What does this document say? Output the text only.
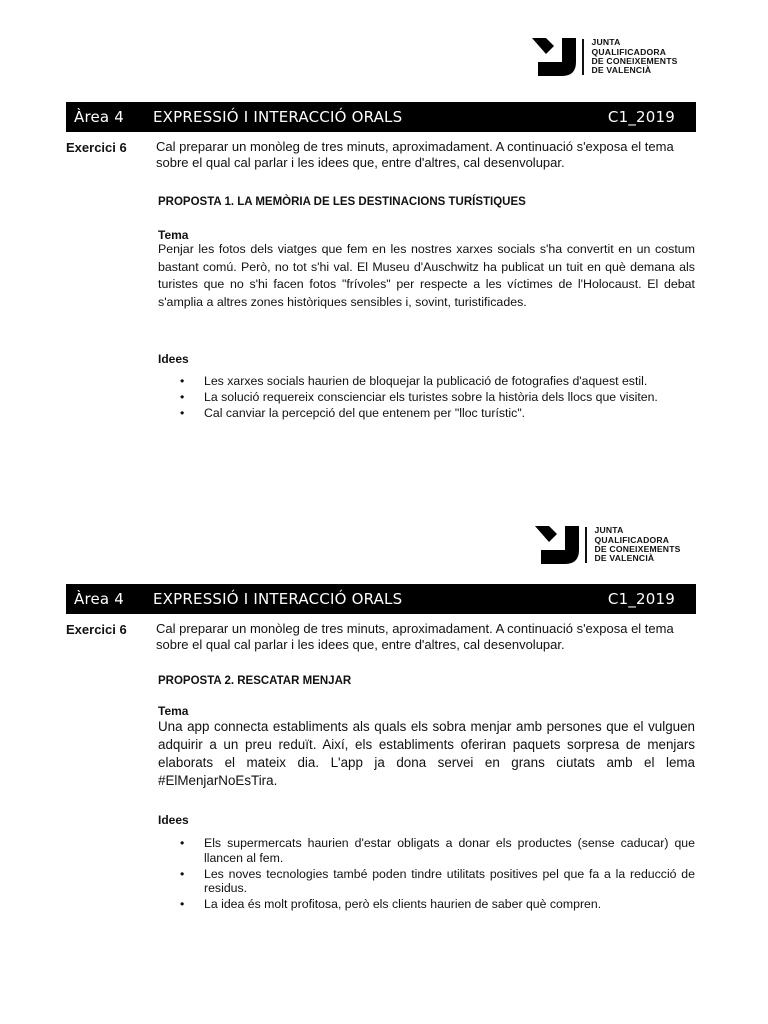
JUNTA
QUALIFICADORA
DE CONEIXEMENTS
DE VALENCIÀ
Àrea 4 EXPRESSIÓ I INTERACCIÓ ORALS	C1_2019
Exercici 6 Cal preparar un monòleg de tres minuts, aproximadament. A continuació s'exposa el tema sobre el qual cal parlar i les idees que, entre d'altres, cal desenvolupar.
PROPOSTA 1. LA MEMÒRIA DE LES DESTINACIONS TURÍSTIQUES
Tema
Penjar les fotos dels viatges que fem en les nostres xarxes socials s'ha convertit en un costum bastant comú. Però, no tot s'hi val. El Museu d'Auschwitz ha publicat un tuit en què demana als turistes que no s'hi facen fotos "frívoles" per respecte a les víctimes de l'Holocaust. El debat s'amplia a altres zones històriques sensibles i, sovint, turistificades.
Idees
• Les xarxes socials haurien de bloquejar la publicació de fotografies d'aquest estil.
• La solució requereix conscienciar els turistes sobre la història dels llocs que visiten.
• Cal canviar la percepció del que entenem per "lloc turístic".
JUNTA
QUALIFICADORA
DE CONEIXEMENTS
DE VALENCIÀ
Àrea 4 EXPRESSIÓ I INTERACCIÓ ORALS	C1_2019
Exercici 6 Cal preparar un monòleg de tres minuts, aproximadament. A continuació s'exposa el tema sobre el qual cal parlar i les idees que, entre d'altres, cal desenvolupar.
PROPOSTA 2. RESCATAR MENJAR
Tema
Una app connecta establiments als quals els sobra menjar amb persones que el vulguen adquirir a un preu reduït. Així, els establiments oferiran paquets sorpresa de menjars elaborats el mateix dia. L'app ja dona servei en grans ciutats amb el lema #ElMenjarNoEsTira.
Idees
• Els supermercats haurien d'estar obligats a donar els productes (sense caducar) que llancen al fem.
• Les noves tecnologies també poden tindre utilitats positives pel que fa a la reducció de residus.
• La idea és molt profitosa, però els clients haurien de saber què compren.
